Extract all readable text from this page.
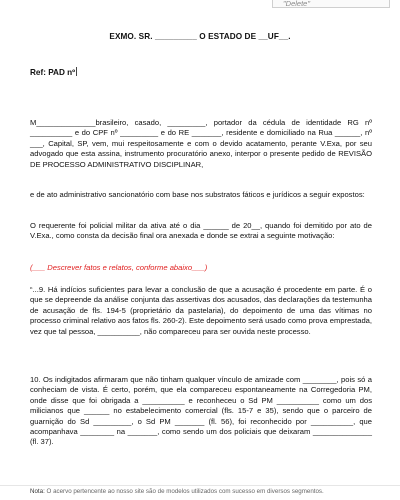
"Delete"
EXMO. SR. _________ O ESTADO DE __UF__.
Ref: PAD nº
M______________brasileiro, casado, _________, portador da cédula de identidade RG nº __________ e do CPF nº _________ e do RE _______, residente e domiciliado na Rua ______, nº ___, Capital, SP, vem, mui respeitosamente e com o devido acatamento, perante V.Exa, por seu advogado que esta assina, instrumento procuratório anexo, interpor o presente pedido de REVISÃO DE PROCESSO ADMINISTRATIVO DISCIPLINAR,
e de ato administrativo sancionatório com base nos substratos fáticos e jurídicos a seguir expostos:
O requerente foi policial militar da ativa até o dia ______ de 20__, quando foi demitido por ato de V.Exa., como consta da decisão final ora anexada e donde se extrai a seguinte motivação:
(___ Descrever fatos e relatos, conforme abaixo___)
“...9. Há indícios suficientes para levar a conclusão de que a acusação é procedente em parte. É o que se depreende da análise conjunta das assertivas dos acusados, das declarações da testemunha de acusação de fls. 194-5 (proprietário da pastelaria), do depoimento de uma das vítimas no processo criminal relativo aos fatos fls. 260-2). Este depoimento será usado como prova emprestada, vez que tal pessoa, __________, não compareceu para ser ouvida neste processo.
10. Os indigitados afirmaram que não tinham qualquer vínculo de amizade com ________, pois só a conheciam de vista. É certo, porém, que ela compareceu espontaneamente na Corregedoria PM, onde disse que foi obrigada a __________ e reconheceu o Sd PM __________ como um dos milicianos que ______ no estabelecimento comercial (fls. 15-7 e 35), sendo que o parceiro de guarnição do Sd _________, o Sd PM _______ (fl. 56), foi reconhecido por __________, que acompanhava ________ na _______, como sendo um dos policiais que deixaram ______________ (fl. 37).
Nota: O acervo pertencente ao nosso site são de modelos utilizados com sucesso em diversos segmentos.
